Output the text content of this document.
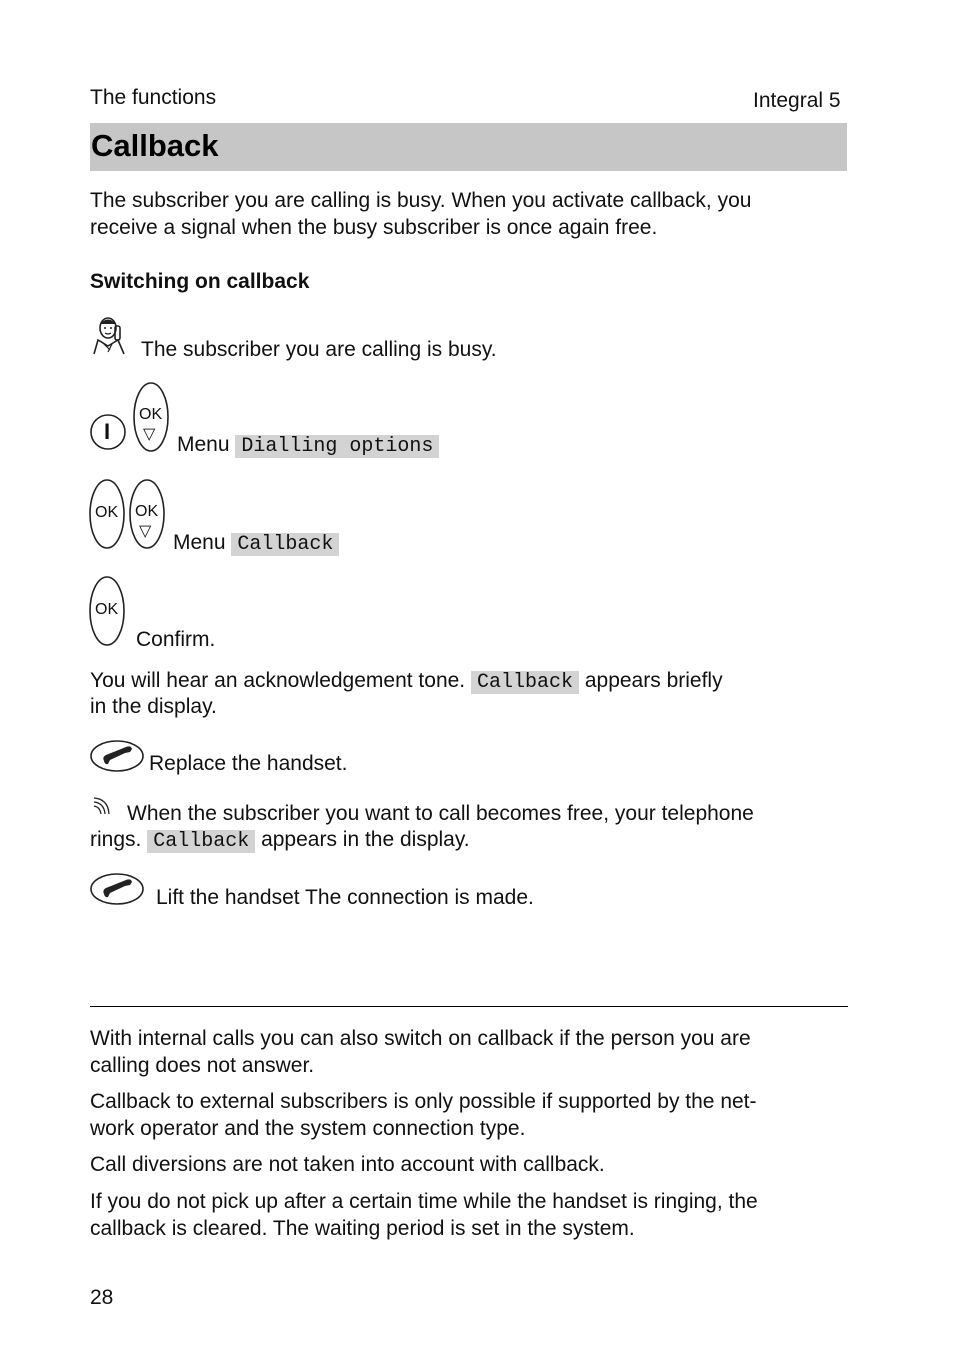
The functions	Integral 5
Callback
The subscriber you are calling is busy. When you activate callback, you
receive a signal when the busy subscriber is once again free.
Switching on callback
The subscriber you are calling is busy.
I
OK
▽ Menu Dialling options
OK OK
▽ Menu Callback
OK
Confirm.
You will hear an acknowledgement tone. Callback appears briefly
in the display.
Replace the handset.
When the subscriber you want to call becomes free, your telephone
rings. Callback appears in the display.
Lift the handset The connection is made.
With internal calls you can also switch on callback if the person you are
calling does not answer.
Callback to external subscribers is only possible if supported by the net-
work operator and the system connection type.
Call diversions are not taken into account with callback.
If you do not pick up after a certain time while the handset is ringing, the
callback is cleared. The waiting period is set in the system.
28
